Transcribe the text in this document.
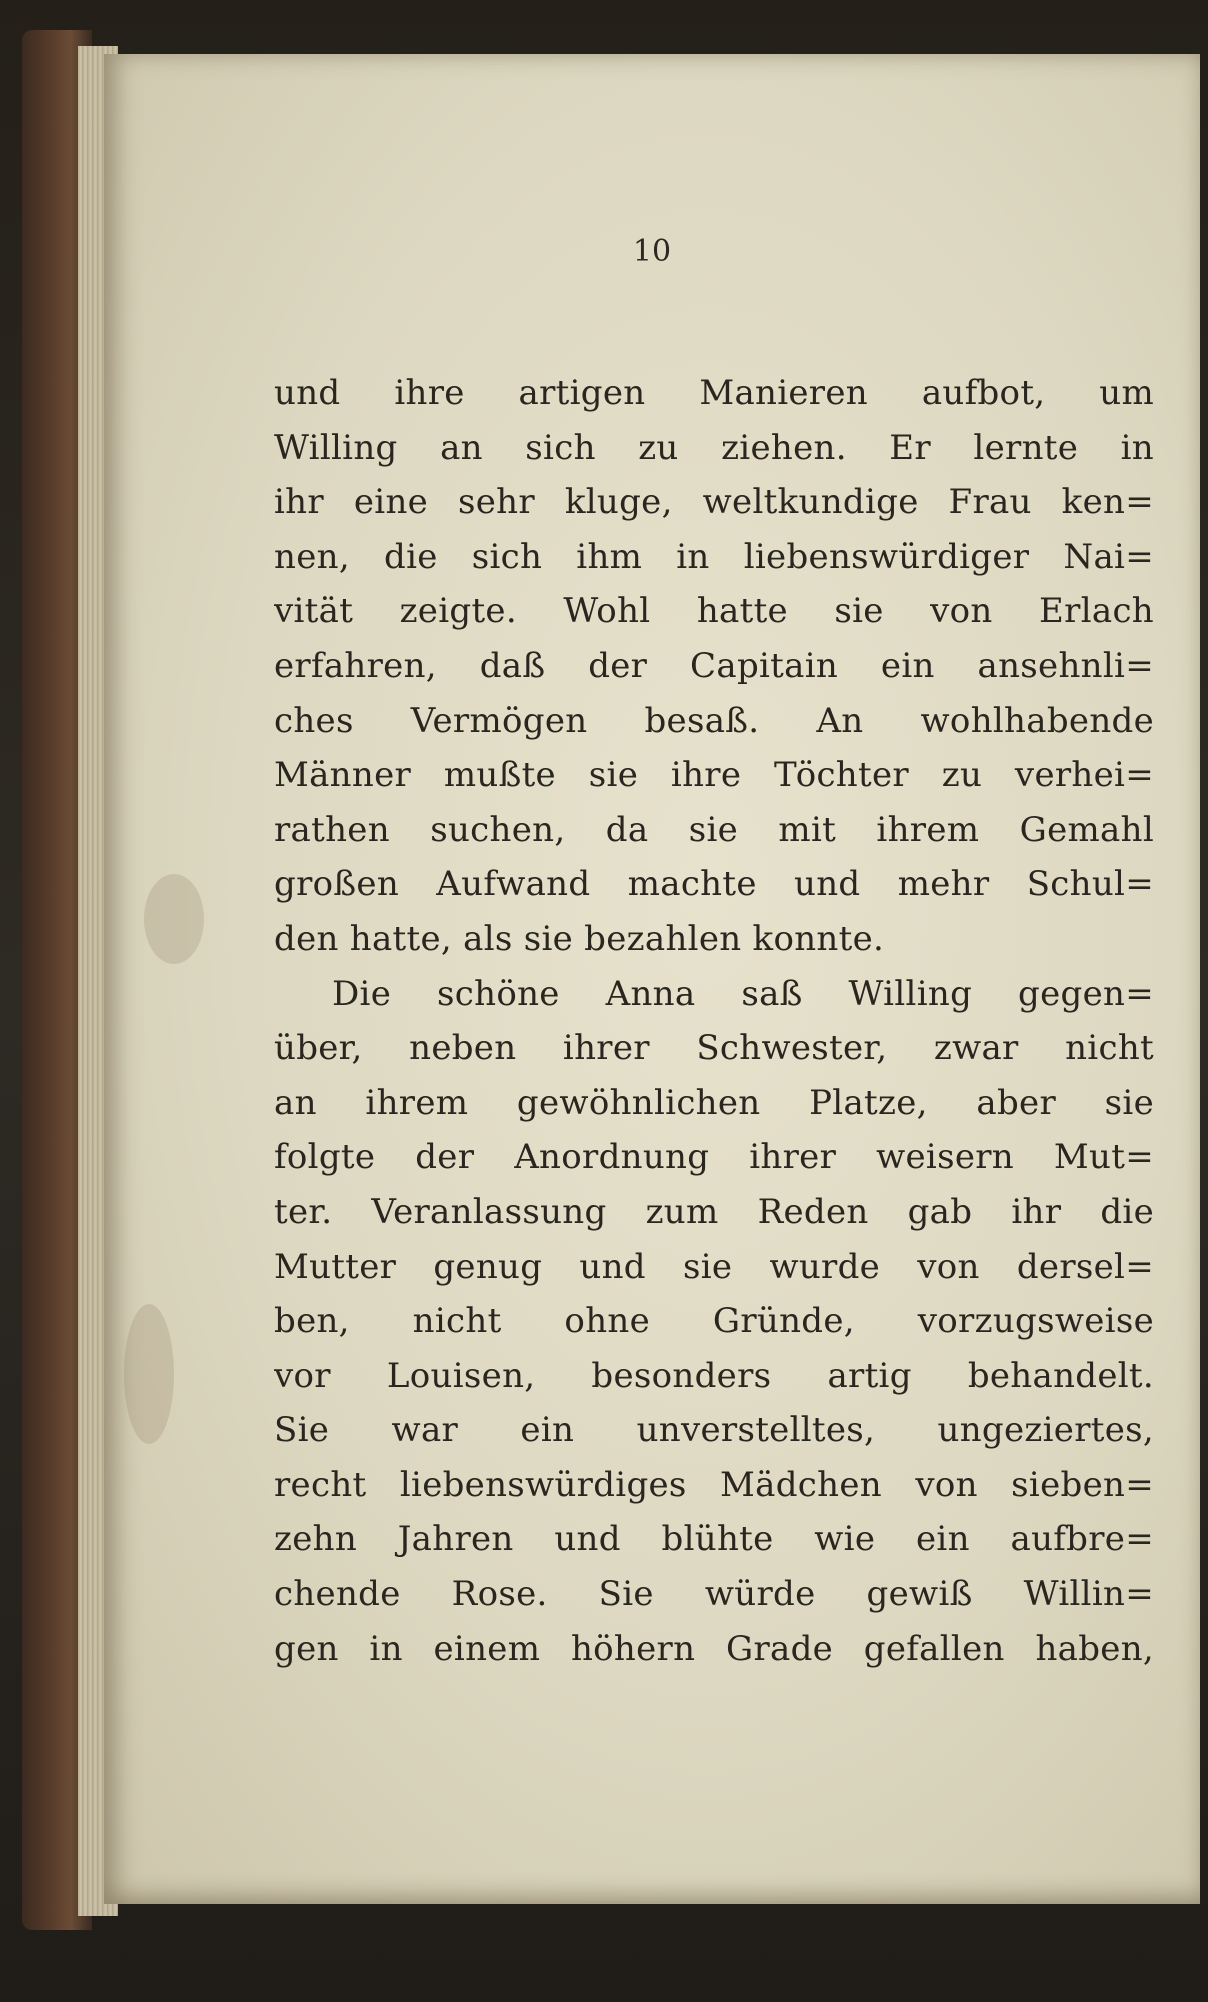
10
und ihre artigen Manieren aufbot, um
Willing an sich zu ziehen. Er lernte in
ihr eine sehr kluge, weltkundige Frau ken=
nen, die sich ihm in liebenswürdiger Nai=
vität zeigte. Wohl hatte sie von Erlach
erfahren, daß der Capitain ein ansehnli=
ches Vermögen besaß. An wohlhabende
Männer mußte sie ihre Töchter zu verhei=
rathen suchen, da sie mit ihrem Gemahl
großen Aufwand machte und mehr Schul=
den hatte, als sie bezahlen konnte.
Die schöne Anna saß Willing gegen=
über, neben ihrer Schwester, zwar nicht
an ihrem gewöhnlichen Platze, aber sie
folgte der Anordnung ihrer weisern Mut=
ter. Veranlassung zum Reden gab ihr die
Mutter genug und sie wurde von dersel=
ben, nicht ohne Gründe, vorzugsweise
vor Louisen, besonders artig behandelt.
Sie war ein unverstelltes, ungeziertes,
recht liebenswürdiges Mädchen von sieben=
zehn Jahren und blühte wie ein aufbre=
chende Rose. Sie würde gewiß Willin=
gen in einem höhern Grade gefallen haben,
